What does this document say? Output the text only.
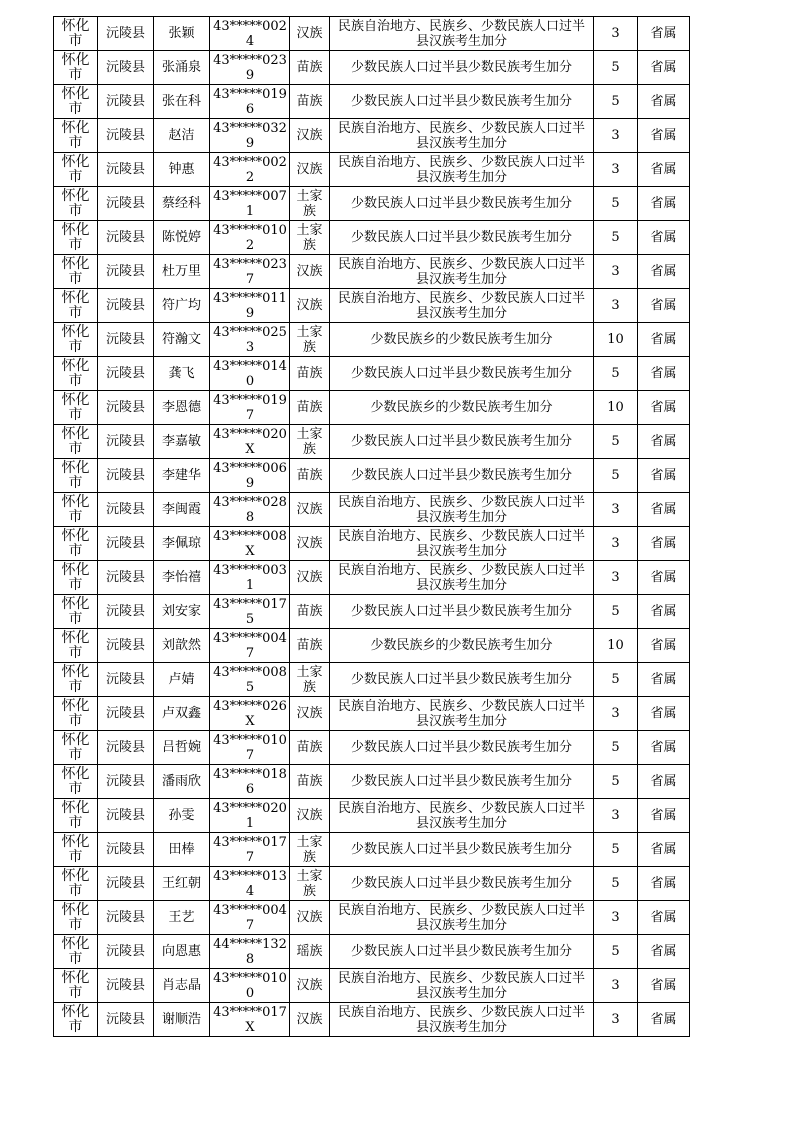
怀化市	沅陵县	张颖	43*****0024	汉族	民族自治地方、民族乡、少数民族人口过半县汉族考生加分	3	省属

怀化市	沅陵县	张涌泉	43*****0239	苗族	少数民族人口过半县少数民族考生加分	5	省属

怀化市	沅陵县	张在科	43*****0196	苗族	少数民族人口过半县少数民族考生加分	5	省属

怀化市	沅陵县	赵洁	43*****0329	汉族	民族自治地方、民族乡、少数民族人口过半县汉族考生加分	3	省属

怀化市	沅陵县	钟惠	43*****0022	汉族	民族自治地方、民族乡、少数民族人口过半县汉族考生加分	3	省属

怀化市	沅陵县	蔡经科	43*****0071	土家族	少数民族人口过半县少数民族考生加分	5	省属

怀化市	沅陵县	陈悦婷	43*****0102	土家族	少数民族人口过半县少数民族考生加分	5	省属

怀化市	沅陵县	杜万里	43*****0237	汉族	民族自治地方、民族乡、少数民族人口过半县汉族考生加分	3	省属

怀化市	沅陵县	符广均	43*****0119	汉族	民族自治地方、民族乡、少数民族人口过半县汉族考生加分	3	省属

怀化市	沅陵县	符瀚文	43*****0253	土家族	少数民族乡的少数民族考生加分	10	省属

怀化市	沅陵县	龚飞	43*****0140	苗族	少数民族人口过半县少数民族考生加分	5	省属

怀化市	沅陵县	李恩德	43*****0197	苗族	少数民族乡的少数民族考生加分	10	省属

怀化市	沅陵县	李嘉敏	43*****020X	土家族	少数民族人口过半县少数民族考生加分	5	省属

怀化市	沅陵县	李建华	43*****0069	苗族	少数民族人口过半县少数民族考生加分	5	省属

怀化市	沅陵县	李闽霞	43*****0288	汉族	民族自治地方、民族乡、少数民族人口过半县汉族考生加分	3	省属

怀化市	沅陵县	李佩琼	43*****008X	汉族	民族自治地方、民族乡、少数民族人口过半县汉族考生加分	3	省属

怀化市	沅陵县	李怡禧	43*****0031	汉族	民族自治地方、民族乡、少数民族人口过半县汉族考生加分	3	省属

怀化市	沅陵县	刘安家	43*****0175	苗族	少数民族人口过半县少数民族考生加分	5	省属

怀化市	沅陵县	刘歆然	43*****0047	苗族	少数民族乡的少数民族考生加分	10	省属

怀化市	沅陵县	卢婧	43*****0085	土家族	少数民族人口过半县少数民族考生加分	5	省属

怀化市	沅陵县	卢双鑫	43*****026X	汉族	民族自治地方、民族乡、少数民族人口过半县汉族考生加分	3	省属

怀化市	沅陵县	吕哲婉	43*****0107	苗族	少数民族人口过半县少数民族考生加分	5	省属

怀化市	沅陵县	潘雨欣	43*****0186	苗族	少数民族人口过半县少数民族考生加分	5	省属

怀化市	沅陵县	孙雯	43*****0201	汉族	民族自治地方、民族乡、少数民族人口过半县汉族考生加分	3	省属

怀化市	沅陵县	田棒	43*****0177	土家族	少数民族人口过半县少数民族考生加分	5	省属

怀化市	沅陵县	王红朝	43*****0134	土家族	少数民族人口过半县少数民族考生加分	5	省属

怀化市	沅陵县	王艺	43*****0047	汉族	民族自治地方、民族乡、少数民族人口过半县汉族考生加分	3	省属

怀化市	沅陵县	向恩惠	44*****1328	瑶族	少数民族人口过半县少数民族考生加分	5	省属

怀化市	沅陵县	肖志晶	43*****0100	汉族	民族自治地方、民族乡、少数民族人口过半县汉族考生加分	3	省属

怀化市	沅陵县	谢顺浩	43*****017X	汉族	民族自治地方、民族乡、少数民族人口过半县汉族考生加分	3	省属
